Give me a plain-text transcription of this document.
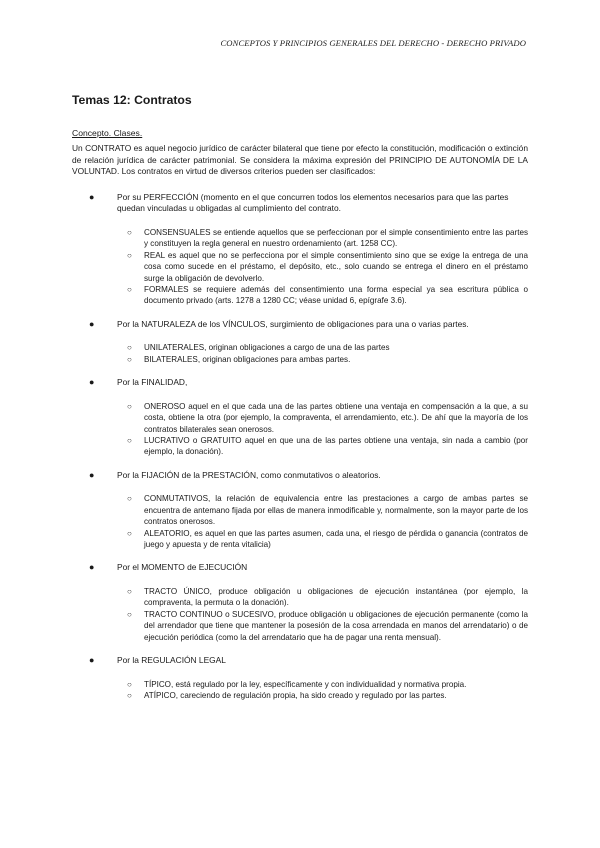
CONCEPTOS Y PRINCIPIOS GENERALES DEL DERECHO - DERECHO PRIVADO
Temas 12: Contratos
Concepto. Clases.

Un CONTRATO es aquel negocio jurídico de carácter bilateral que tiene por efecto la constitución, modificación o extinción de relación jurídica de carácter patrimonial. Se considera la máxima expresión del PRINCIPIO DE AUTONOMÍA DE LA VOLUNTAD. Los contratos en virtud de diversos criterios pueden ser clasificados:

●	Por su PERFECCIÓN (momento en el que concurren todos los elementos necesarios para que las partes quedan vinculadas u obligadas al cumplimiento del contrato.
○ CONSENSUALES se entiende aquellos que se perfeccionan por el simple consentimiento entre las partes y constituyen la regla general en nuestro ordenamiento (art. 1258 CC).
○ REAL es aquel que no se perfecciona por el simple consentimiento sino que se exige la entrega de una cosa como sucede en el préstamo, el depósito, etc., solo cuando se entrega el dinero en el préstamo surge la obligación de devolverlo.
○ FORMALES se requiere además del consentimiento una forma especial ya sea escritura pública o documento privado (arts. 1278 a 1280 CC; véase unidad 6, epígrafe 3.6).
●	Por la NATURALEZA de los VÍNCULOS, surgimiento de obligaciones para una o varias partes.
○ UNILATERALES, originan obligaciones a cargo de una de las partes
○ BILATERALES, originan obligaciones para ambas partes.
●	Por la FINALIDAD,
○ ONEROSO aquel en el que cada una de las partes obtiene una ventaja en compensación a la que, a su costa, obtiene la otra (por ejemplo, la compraventa, el arrendamiento, etc.). De ahí que la mayoría de los contratos bilaterales sean onerosos.
○ LUCRATIVO o GRATUITO aquel en que una de las partes obtiene una ventaja, sin nada a cambio (por ejemplo, la donación).
●	Por la FIJACIÓN de la PRESTACIÓN, como conmutativos o aleatorios.
○ CONMUTATIVOS, la relación de equivalencia entre las prestaciones a cargo de ambas partes se encuentra de antemano fijada por ellas de manera inmodificable y, normalmente, son la mayor parte de los contratos onerosos.
○ ALEATORIO, es aquel en que las partes asumen, cada una, el riesgo de pérdida o ganancia (contratos de juego y apuesta y de renta vitalicia)
●	Por el MOMENTO de EJECUCIÓN
○ TRACTO ÚNICO, produce obligación u obligaciones de ejecución instantánea (por ejemplo, la compraventa, la permuta o la donación).
○ TRACTO CONTINUO o SUCESIVO, produce obligación u obligaciones de ejecución permanente (como la del arrendador que tiene que mantener la posesión de la cosa arrendada en manos del arrendatario) o de ejecución periódica (como la del arrendatario que ha de pagar una renta mensual).
●	Por la REGULACIÓN LEGAL
○ TÍPICO, está regulado por la ley, específicamente y con individualidad y normativa propia.
○ ATÍPICO, careciendo de regulación propia, ha sido creado y regulado por las partes.
